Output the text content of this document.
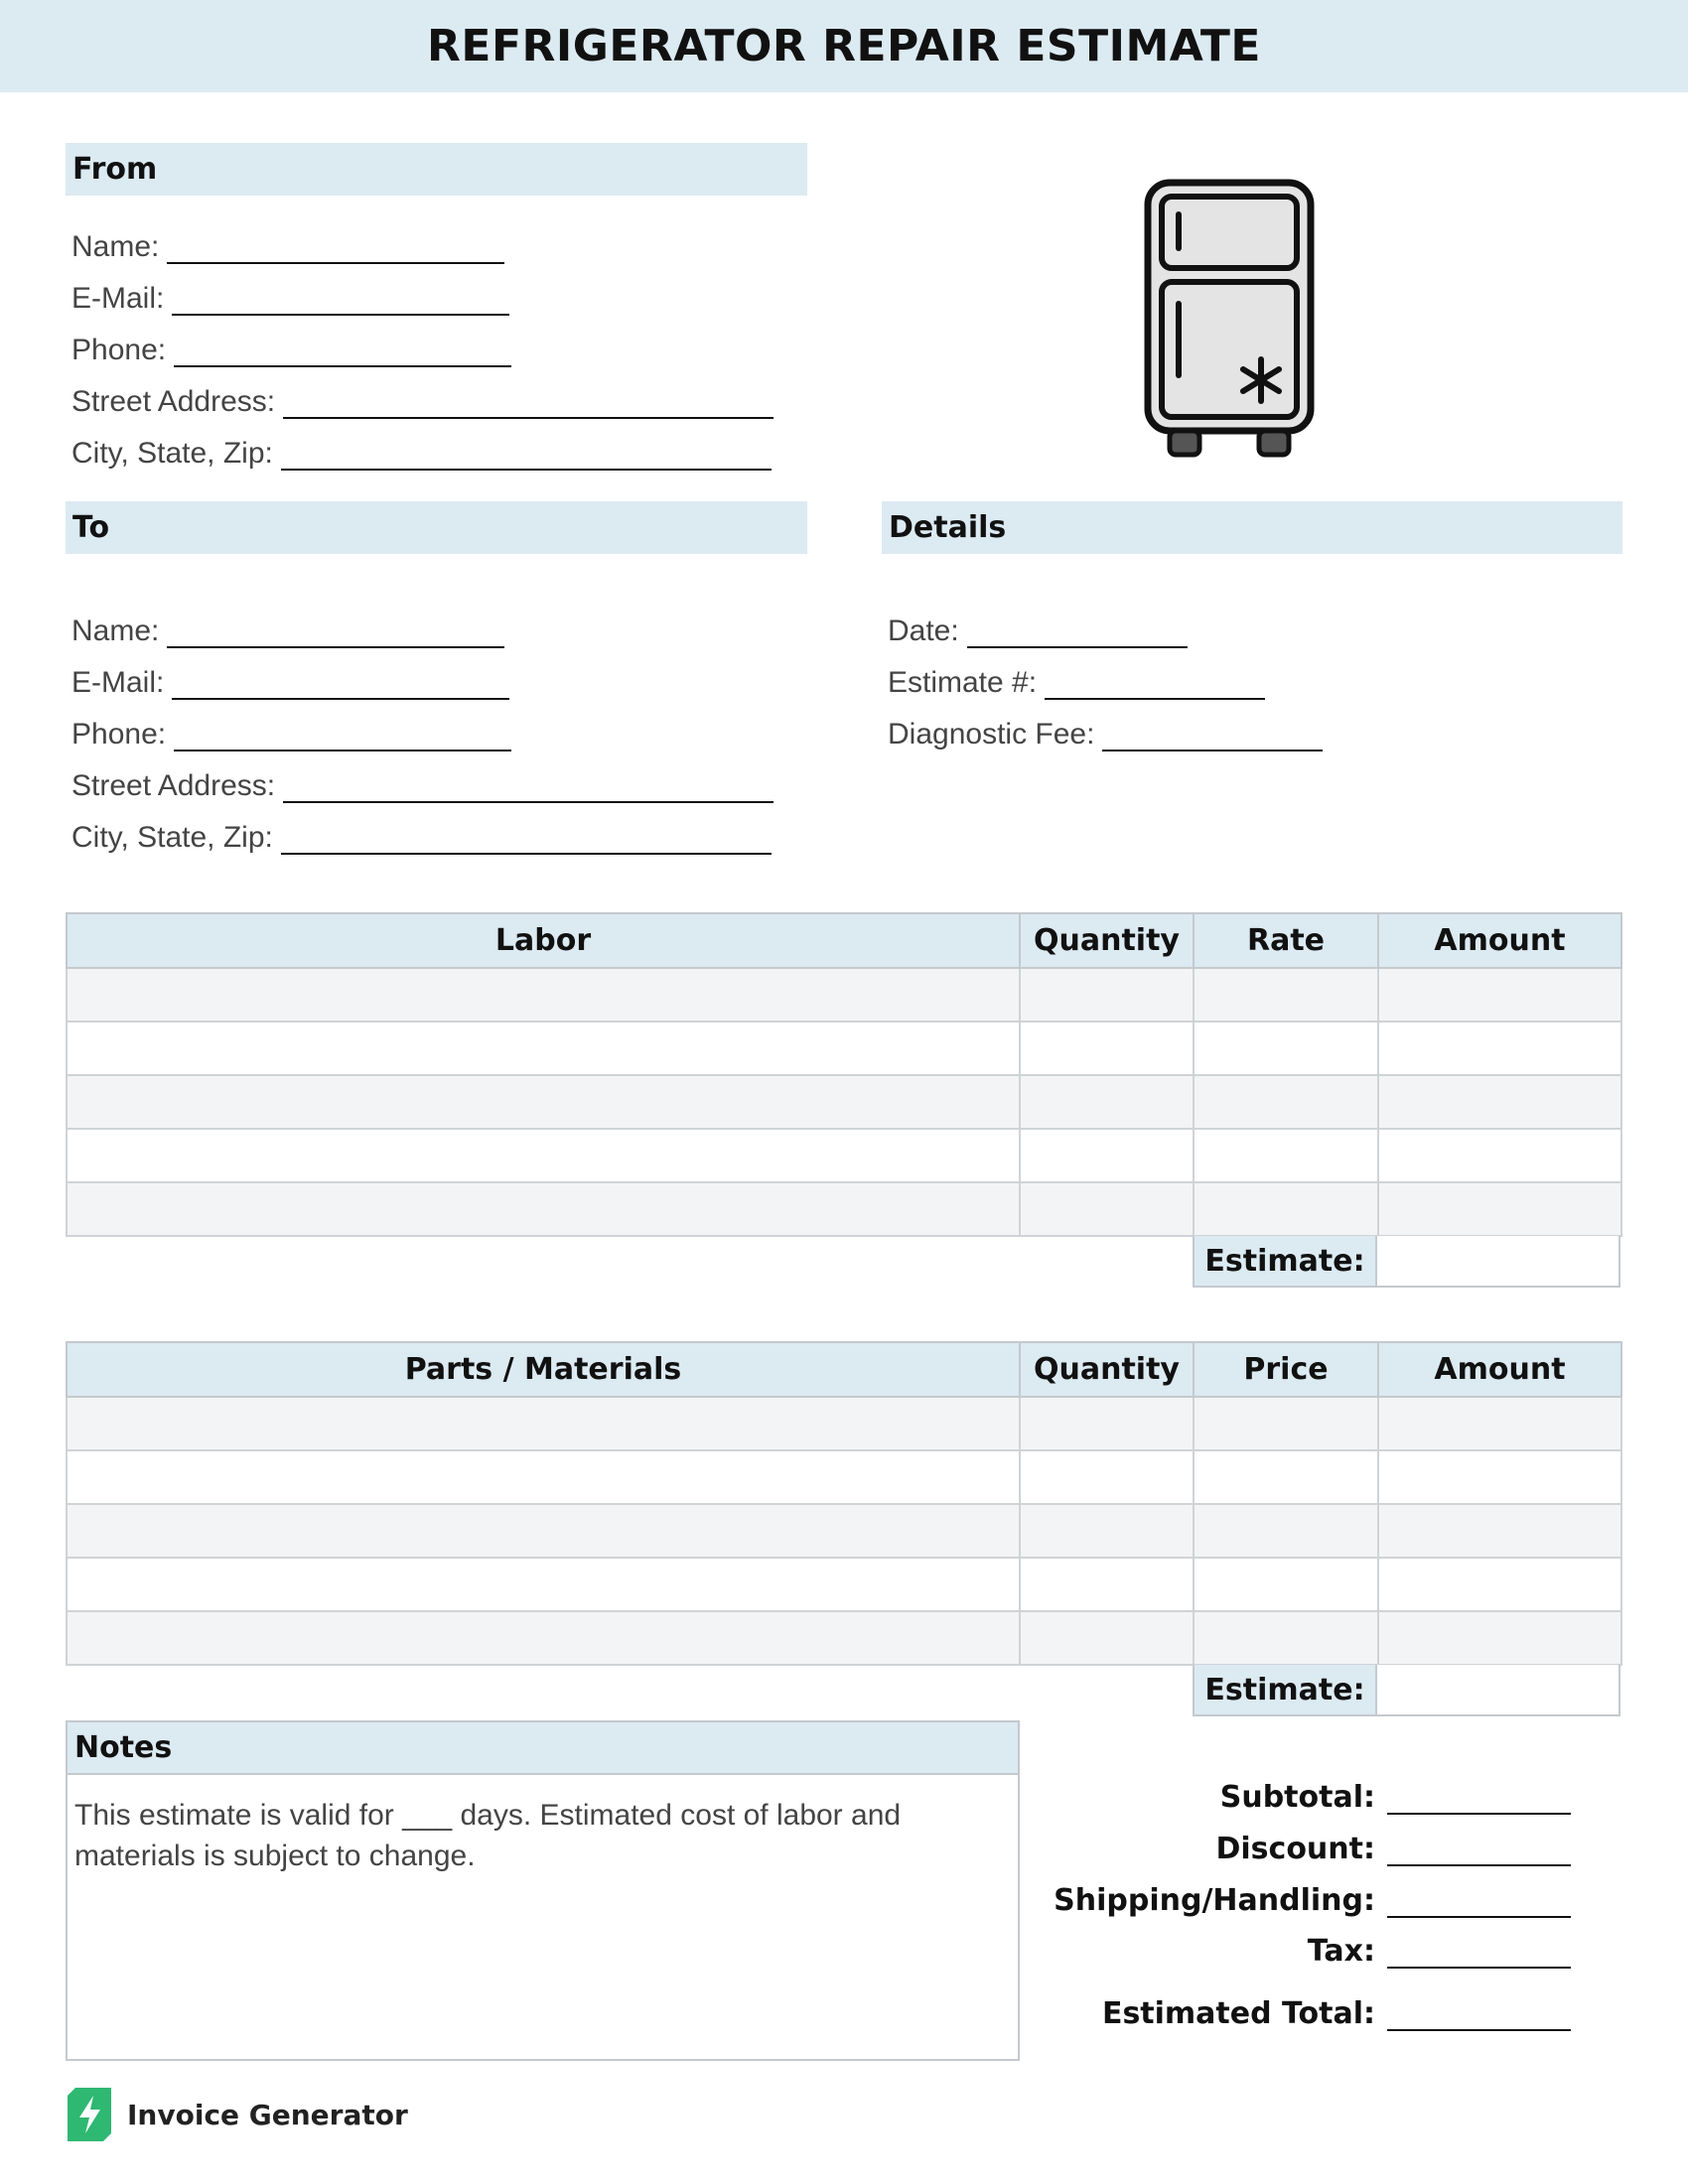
REFRIGERATOR REPAIR ESTIMATE
From
Name:
E-Mail:
Phone:
Street Address:
City, State, Zip:
To
Name:
E-Mail:
Phone:
Street Address:
City, State, Zip:
Details
Date:
Estimate #:
Diagnostic Fee:
Labor	Quantity	Rate	Amount

Estimate:
Parts / Materials	Quantity	Price	Amount

Estimate:
Notes
This estimate is valid for ___ days. Estimated cost of labor and materials is subject to change.
Subtotal :
Discount :
Shipping/Handling :
Tax :
Estimated Total :
Invoice Generator
